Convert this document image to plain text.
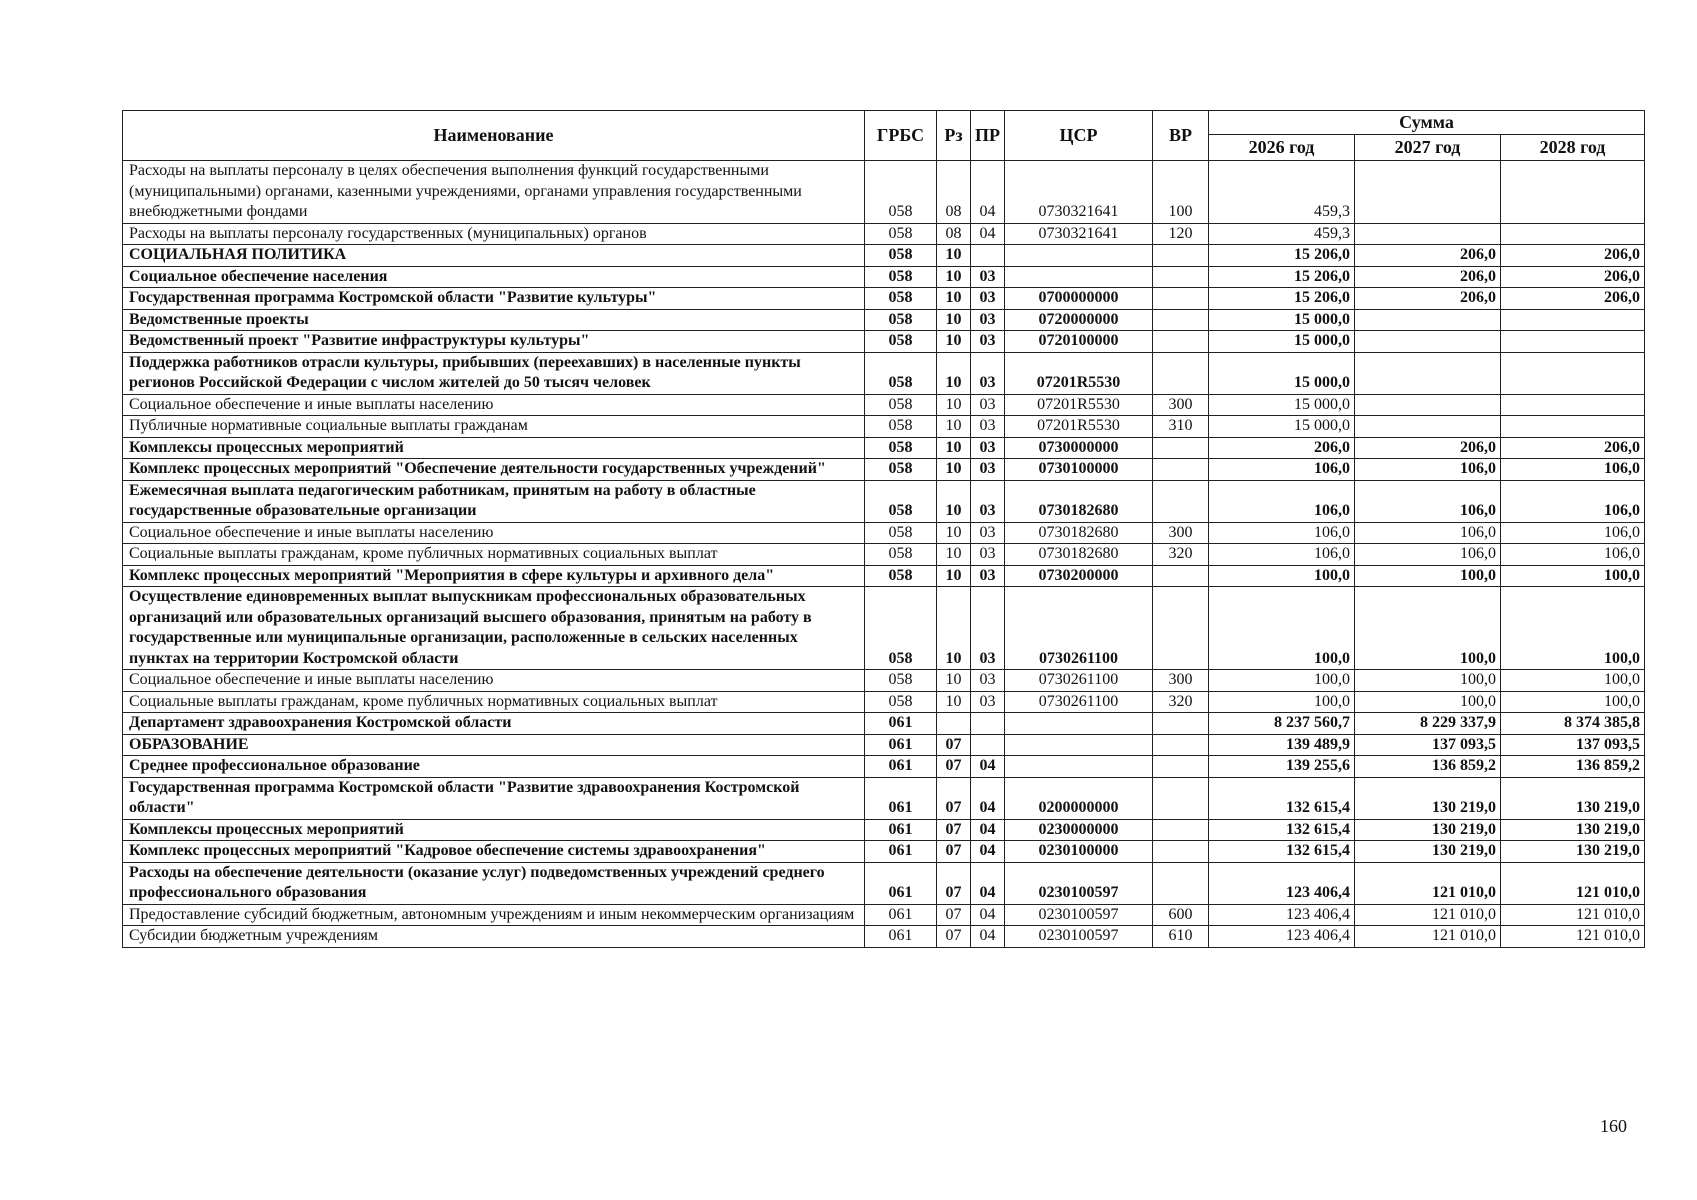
Наименование	ГРБС	Рз	ПР	ЦСР	ВР	Сумма		
						2026 год	2027 год	2028 год
Расходы на выплаты персоналу в целях обеспечения выполнения функций государственными (муниципальными) органами, казенными учреждениями, органами управления государственными внебюджетными фондами	058	08	04	0730321641	100	459,3		
Расходы на выплаты персоналу государственных (муниципальных) органов	058	08	04	0730321641	120	459,3		
СОЦИАЛЬНАЯ ПОЛИТИКА	058	10				15 206,0	206,0	206,0
Социальное обеспечение населения	058	10	03			15 206,0	206,0	206,0
Государственная программа Костромской области "Развитие культуры"	058	10	03	0700000000		15 206,0	206,0	206,0
Ведомственные проекты	058	10	03	0720000000		15 000,0		
Ведомственный проект "Развитие инфраструктуры культуры"	058	10	03	0720100000		15 000,0		
Поддержка работников отрасли культуры, прибывших (переехавших) в населенные пункты регионов Российской Федерации с числом жителей до 50 тысяч человек	058	10	03	07201R5530		15 000,0		
Социальное обеспечение и иные выплаты населению	058	10	03	07201R5530	300	15 000,0		
Публичные нормативные социальные выплаты гражданам	058	10	03	07201R5530	310	15 000,0		
Комплексы процессных мероприятий	058	10	03	0730000000		206,0	206,0	206,0
Комплекс процессных мероприятий "Обеспечение деятельности государственных учреждений"	058	10	03	0730100000		106,0	106,0	106,0
Ежемесячная выплата педагогическим работникам, принятым на работу в областные государственные образовательные организации	058	10	03	0730182680		106,0	106,0	106,0
Социальное обеспечение и иные выплаты населению	058	10	03	0730182680	300	106,0	106,0	106,0
Социальные выплаты гражданам, кроме публичных нормативных социальных выплат	058	10	03	0730182680	320	106,0	106,0	106,0
Комплекс процессных мероприятий "Мероприятия в сфере культуры и архивного дела"	058	10	03	0730200000		100,0	100,0	100,0
Осуществление единовременных выплат выпускникам профессиональных образовательных организаций или образовательных организаций высшего образования, принятым на работу в государственные или муниципальные организации, расположенные в сельских населенных пунктах на территории Костромской области	058	10	03	0730261100		100,0	100,0	100,0
Социальное обеспечение и иные выплаты населению	058	10	03	0730261100	300	100,0	100,0	100,0
Социальные выплаты гражданам, кроме публичных нормативных социальных выплат	058	10	03	0730261100	320	100,0	100,0	100,0
Департамент здравоохранения Костромской области	061					8 237 560,7	8 229 337,9	8 374 385,8
ОБРАЗОВАНИЕ	061	07				139 489,9	137 093,5	137 093,5
Среднее профессиональное образование	061	07	04			139 255,6	136 859,2	136 859,2
Государственная программа Костромской области "Развитие здравоохранения Костромской области"	061	07	04	0200000000		132 615,4	130 219,0	130 219,0
Комплексы процессных мероприятий	061	07	04	0230000000		132 615,4	130 219,0	130 219,0
Комплекс процессных мероприятий "Кадровое обеспечение системы здравоохранения"	061	07	04	0230100000		132 615,4	130 219,0	130 219,0
Расходы на обеспечение деятельности (оказание услуг) подведомственных учреждений среднего профессионального образования	061	07	04	0230100597		123 406,4	121 010,0	121 010,0
Предоставление субсидий бюджетным, автономным учреждениям и иным некоммерческим организациям	061	07	04	0230100597	600	123 406,4	121 010,0	121 010,0
Субсидии бюджетным учреждениям	061	07	04	0230100597	610	123 406,4	121 010,0	121 010,0
160
